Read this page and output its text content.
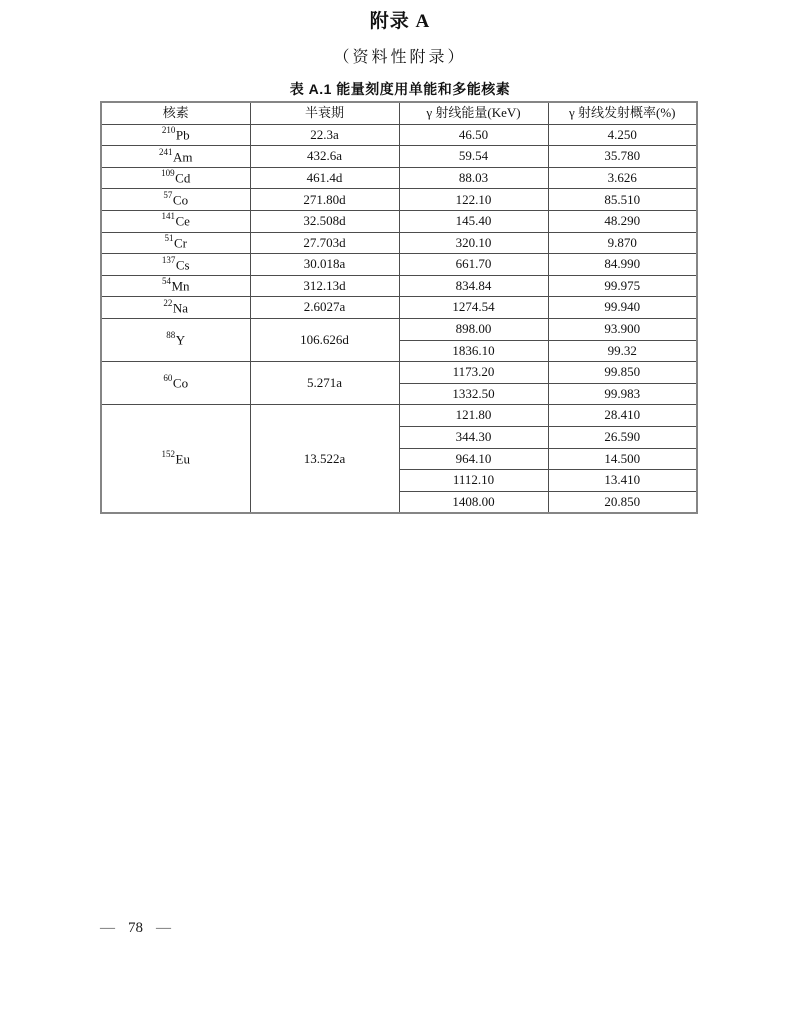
附录 A
（资料性附录）
表 A.1 能量刻度用单能和多能核素
核素	半衰期	γ 射线能量(KeV)	γ 射线发射概率(%)
$^{210}$Pb	22.3a	46.50	4.250
$^{241}$Am	432.6a	59.54	35.780
$^{109}$Cd	461.4d	88.03	3.626
$^{57}$Co	271.80d	122.10	85.510
$^{141}$Ce	32.508d	145.40	48.290
$^{51}$Cr	27.703d	320.10	9.870
$^{137}$Cs	30.018a	661.70	84.990
$^{54}$Mn	312.13d	834.84	99.975
$^{22}$Na	2.6027a	1274.54	99.940
$^{88}$Y	106.626d	898.00	93.900
		1836.10	99.32
$^{60}$Co	5.271a	1173.20	99.850
		1332.50	99.983
$^{152}$Eu	13.522a	121.80	28.410
		344.30	26.590
		964.10	14.500
		1112.10	13.410
		1408.00	20.850
— 78 —
